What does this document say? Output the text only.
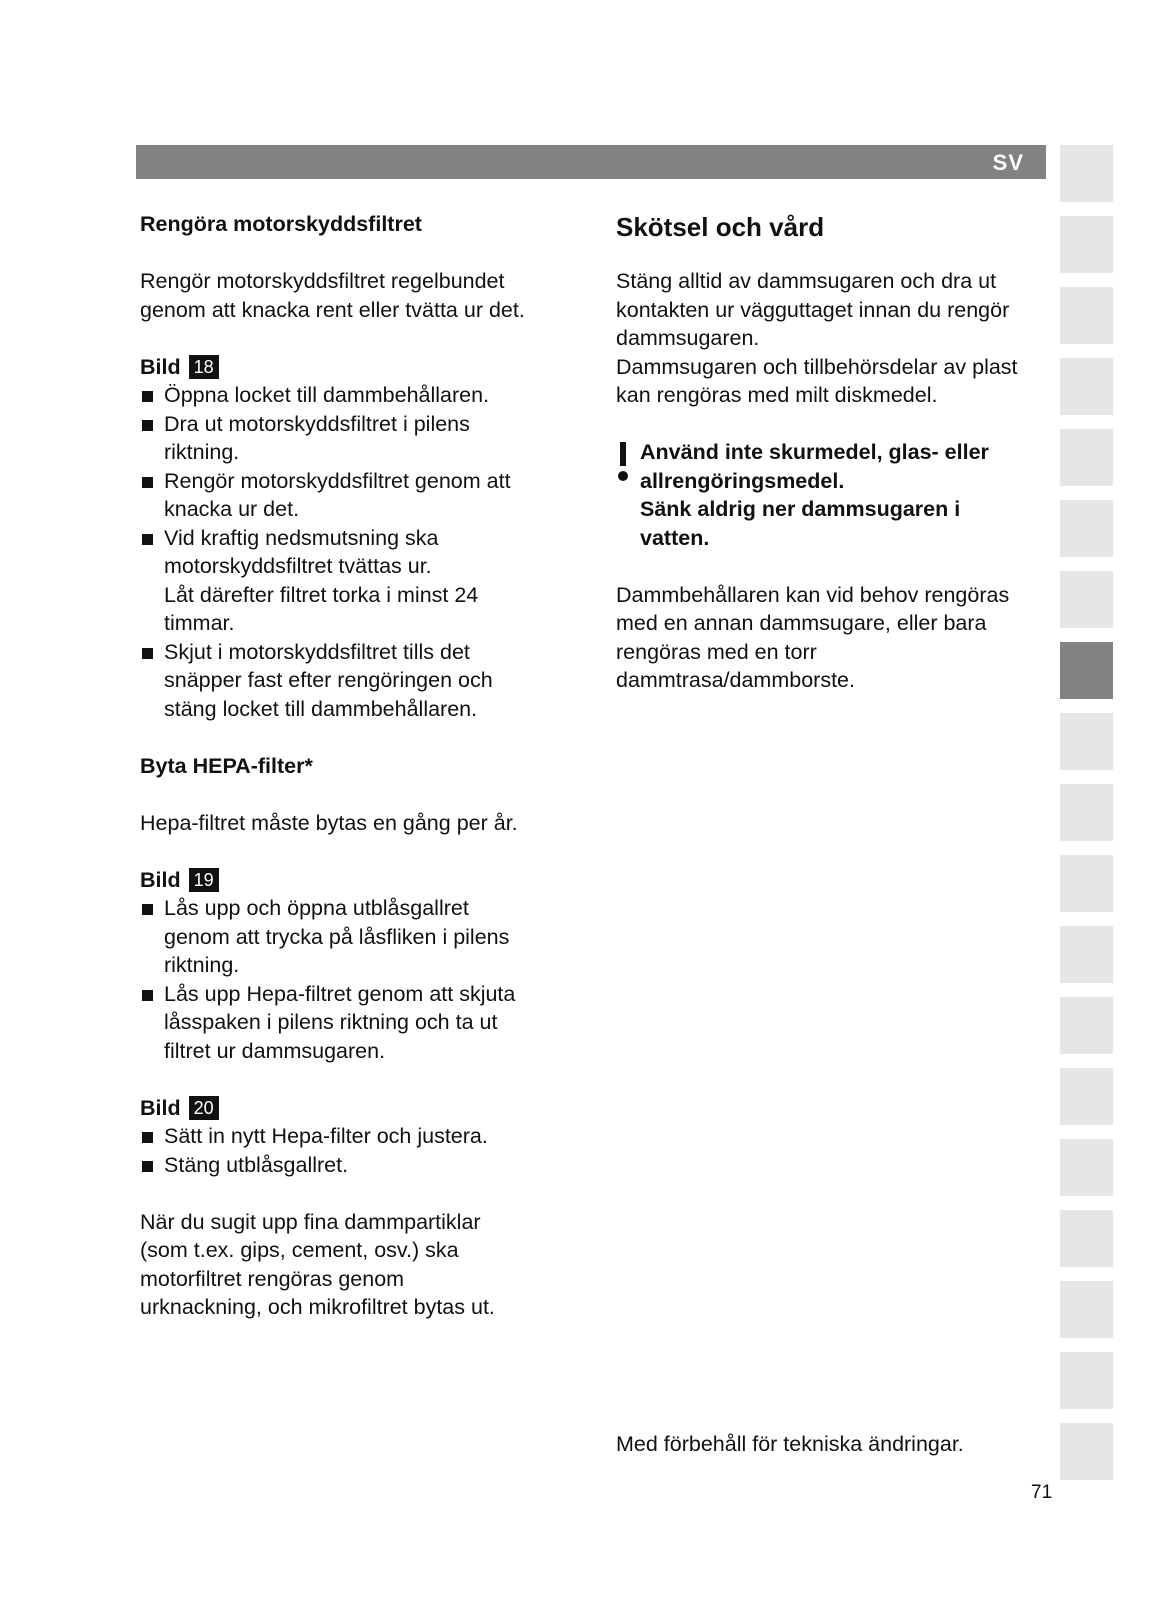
SV

Rengöra motorskyddsfiltret

Rengör motorskyddsfiltret regelbundet

genom att knacka rent eller tvätta ur det.

Bild 18

Öppna locket till dammbehållaren.
Dra ut motorskyddsfiltret i pilens
riktning.
Rengör motorskyddsfiltret genom att
knacka ur det.
Vid kraftig nedsmutsning ska
motorskyddsfiltret tvättas ur.
Låt därefter filtret torka i minst 24
timmar.
Skjut i motorskyddsfiltret tills det
snäpper fast efter rengöringen och
stäng locket till dammbehållaren.

Byta HEPA-filter*

Hepa-filtret måste bytas en gång per år.

Bild 19

Lås upp och öppna utblåsgallret
genom att trycka på låsfliken i pilens
riktning.
Lås upp Hepa-filtret genom att skjuta
låsspaken i pilens riktning och ta ut
filtret ur dammsugaren.

Bild 20

Sätt in nytt Hepa-filter och justera.
Stäng utblåsgallret.

När du sugit upp fina dammpartiklar

(som t.ex. gips, cement, osv.) ska

motorfiltret rengöras genom

urknackning, och mikrofiltret bytas ut.

Skötsel och vård

Stäng alltid av dammsugaren och dra ut

kontakten ur vägguttaget innan du rengör

dammsugaren.

Dammsugaren och tillbehörsdelar av plast

kan rengöras med milt diskmedel.

Använd inte skurmedel, glas- eller
allrengöringsmedel.
Sänk aldrig ner dammsugaren i
vatten.

Dammbehållaren kan vid behov rengöras

med en annan dammsugare, eller bara

rengöras med en torr

dammtrasa/dammborste.

Med förbehåll för tekniska ändringar.
71
